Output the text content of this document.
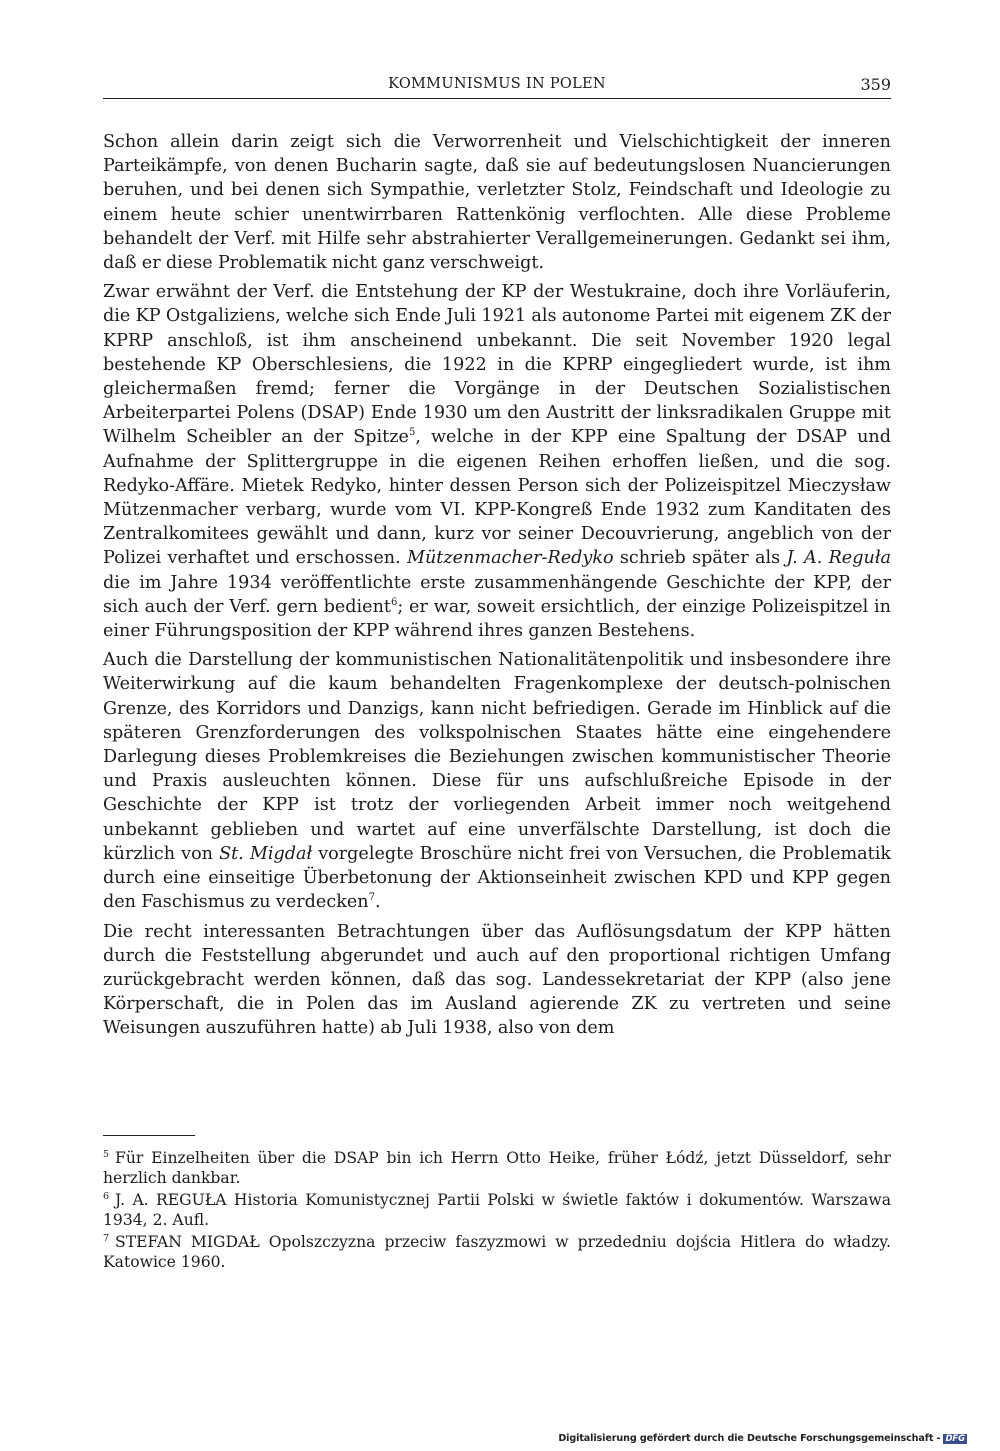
KOMMUNISMUS IN POLEN	359

Schon allein darin zeigt sich die Verworrenheit und Vielschichtigkeit der inneren Parteikämpfe, von denen Bucharin sagte, daß sie auf bedeutungslosen Nuancierungen beruhen, und bei denen sich Sympathie, verletzter Stolz, Feindschaft und Ideologie zu einem heute schier unentwirrbaren Rattenkönig verflochten. Alle diese Probleme behandelt der Verf. mit Hilfe sehr abstrahierter Verallgemeinerungen. Gedankt sei ihm, daß er diese Problematik nicht ganz verschweigt.

Zwar erwähnt der Verf. die Entstehung der KP der Westukraine, doch ihre Vorläuferin, die KP Ostgaliziens, welche sich Ende Juli 1921 als autonome Partei mit eigenem ZK der KPRP anschloß, ist ihm anscheinend unbekannt. Die seit November 1920 legal bestehende KP Oberschlesiens, die 1922 in die KPRP eingegliedert wurde, ist ihm gleichermaßen fremd; ferner die Vorgänge in der Deutschen Sozialistischen Arbeiterpartei Polens (DSAP) Ende 1930 um den Austritt der linksradikalen Gruppe mit Wilhelm Scheibler an der Spitze$^5$, welche in der KPP eine Spaltung der DSAP und Aufnahme der Splittergruppe in die eigenen Reihen erhoffen ließen, und die sog. Redyko-Affäre. Mietek Redyko, hinter dessen Person sich der Polizeispitzel Mieczysław Mützenmacher verbarg, wurde vom VI. KPP-Kongreß Ende 1932 zum Kanditaten des Zentralkomitees gewählt und dann, kurz vor seiner Decouvrierung, angeblich von der Polizei verhaftet und erschossen. Mützenmacher-Redyko schrieb später als J. A. Reguła die im Jahre 1934 veröffentlichte erste zusammenhängende Geschichte der KPP, der sich auch der Verf. gern bedient$^6$; er war, soweit ersichtlich, der einzige Polizeispitzel in einer Führungsposition der KPP während ihres ganzen Bestehens.

Auch die Darstellung der kommunistischen Nationalitätenpolitik und insbesondere ihre Weiterwirkung auf die kaum behandelten Fragenkomplexe der deutsch-polnischen Grenze, des Korridors und Danzigs, kann nicht befriedigen. Gerade im Hinblick auf die späteren Grenzforderungen des volkspolnischen Staates hätte eine eingehendere Darlegung dieses Problemkreises die Beziehungen zwischen kommunistischer Theorie und Praxis ausleuchten können. Diese für uns aufschlußreiche Episode in der Geschichte der KPP ist trotz der vorliegenden Arbeit immer noch weitgehend unbekannt geblieben und wartet auf eine unverfälschte Darstellung, ist doch die kürzlich von St. Migdał vorgelegte Broschüre nicht frei von Versuchen, die Problematik durch eine einseitige Überbetonung der Aktionseinheit zwischen KPD und KPP gegen den Faschismus zu verdecken$^7$.

Die recht interessanten Betrachtungen über das Auflösungsdatum der KPP hätten durch die Feststellung abgerundet und auch auf den proportional richtigen Umfang zurückgebracht werden können, daß das sog. Landessekretariat der KPP (also jene Körperschaft, die in Polen das im Ausland agierende ZK zu vertreten und seine Weisungen auszuführen hatte) ab Juli 1938, also von dem

$^5$ Für Einzelheiten über die DSAP bin ich Herrn Otto Heike, früher Łódź, jetzt Düsseldorf, sehr herzlich dankbar.

$^6$ J. A. REGUŁA Historia Komunistycznej Partii Polski w świetle faktów i dokumentów. Warszawa 1934, 2. Aufl.

$^7$ STEFAN MIGDAŁ Opolszczyzna przeciw faszyzmowi w przededniu dojścia Hitlera do władzy. Katowice 1960.

Digitalisierung gefördert durch die Deutsche Forschungsgemeinschaft - DFG
